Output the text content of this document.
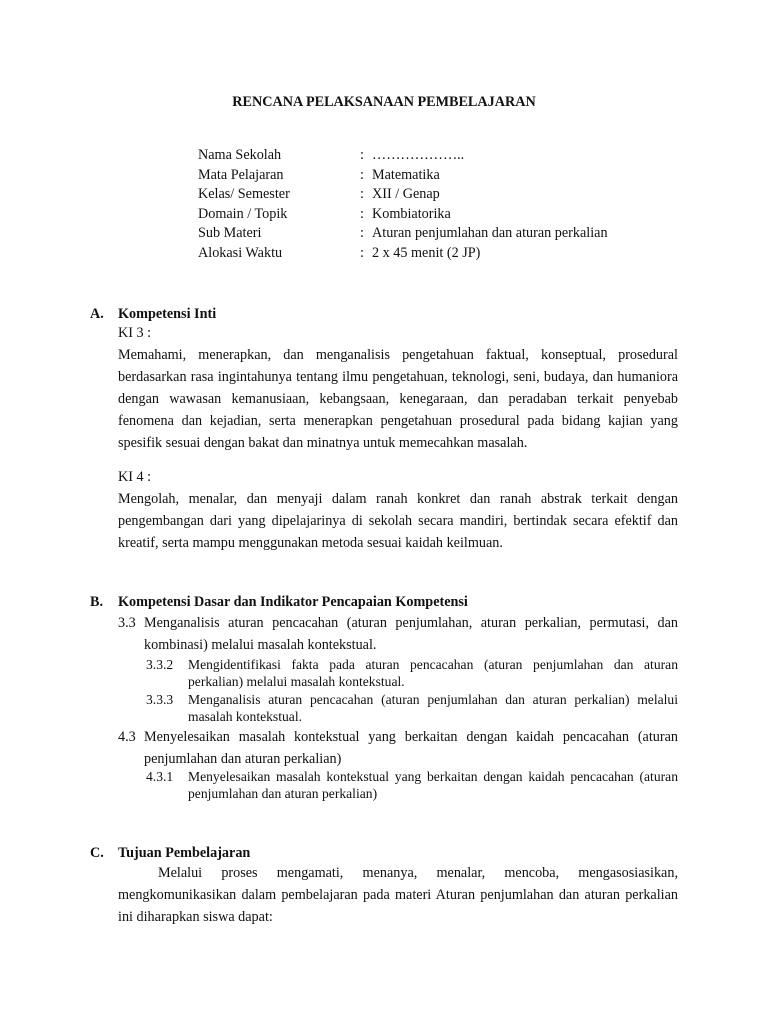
RENCANA PELAKSANAAN PEMBELAJARAN
Nama Sekolah	: ………………..
Mata Pelajaran	: Matematika
Kelas/ Semester	: XII / Genap
Domain / Topik	: Kombiatorika
Sub Materi	: Aturan penjumlahan dan aturan perkalian
Alokasi Waktu	: 2 x 45 menit (2 JP)
A. Kompetensi Inti

KI 3 :

Memahami, menerapkan, dan menganalisis pengetahuan faktual, konseptual, prosedural berdasarkan rasa ingintahunya tentang ilmu pengetahuan, teknologi, seni, budaya, dan humaniora dengan wawasan kemanusiaan, kebangsaan, kenegaraan, dan peradaban terkait penyebab fenomena dan kejadian, serta menerapkan pengetahuan prosedural pada bidang kajian yang spesifik sesuai dengan bakat dan minatnya untuk memecahkan masalah.

KI 4 :

Mengolah, menalar, dan menyaji dalam ranah konkret dan ranah abstrak terkait dengan pengembangan dari yang dipelajarinya di sekolah secara mandiri, bertindak secara efektif dan kreatif, serta mampu menggunakan metoda sesuai kaidah keilmuan.

B. Kompetensi Dasar dan Indikator Pencapaian Kompetensi
3.3 Menganalisis aturan pencacahan (aturan penjumlahan, aturan perkalian, permutasi, dan kombinasi) melalui masalah kontekstual.
3.3.2	Mengidentifikasi fakta pada aturan pencacahan (aturan penjumlahan dan aturan perkalian) melalui masalah kontekstual.
3.3.3	Menganalisis aturan pencacahan (aturan penjumlahan dan aturan perkalian) melalui masalah kontekstual.
4.3 Menyelesaikan masalah kontekstual yang berkaitan dengan kaidah pencacahan (aturan penjumlahan dan aturan perkalian)
4.3.1	Menyelesaikan masalah kontekstual yang berkaitan dengan kaidah pencacahan (aturan penjumlahan dan aturan perkalian)
C. Tujuan Pembelajaran

Melalui proses mengamati, menanya, menalar, mencoba, mengasosiasikan, mengkomunikasikan dalam pembelajaran pada materi Aturan penjumlahan dan aturan perkalian ini diharapkan siswa dapat:
